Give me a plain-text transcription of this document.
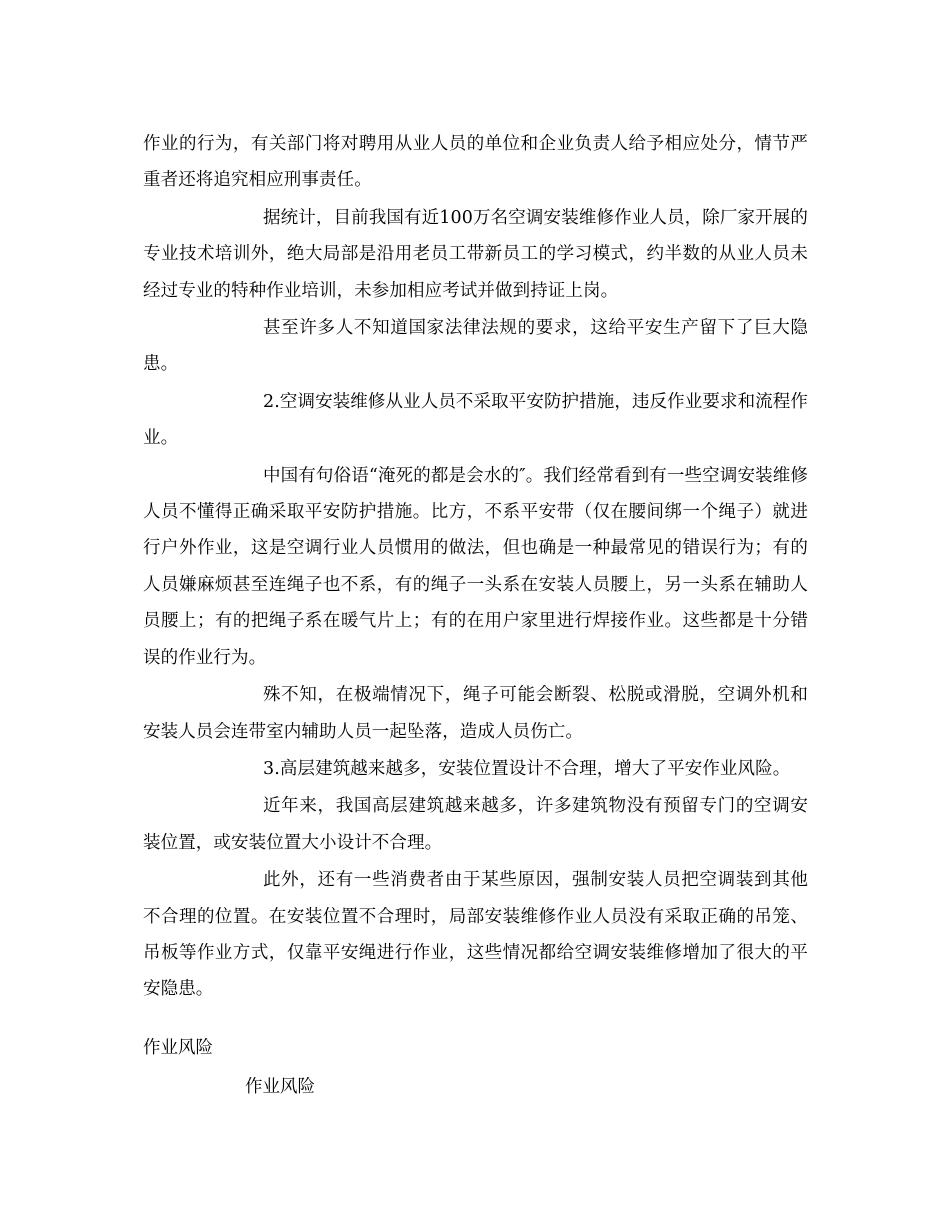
作业的行为，有关部门将对聘用从业人员的单位和企业负责人给予相应处分，情节严重者还将追究相应刑事责任。

据统计，目前我国有近100万名空调安装维修作业人员，除厂家开展的专业技术培训外，绝大局部是沿用老员工带新员工的学习模式，约半数的从业人员未经过专业的特种作业培训，未参加相应考试并做到持证上岗。

甚至许多人不知道国家法律法规的要求，这给平安生产留下了巨大隐患。

2.空调安装维修从业人员不采取平安防护措施，违反作业要求和流程作业。

中国有句俗语“淹死的都是会水的″。我们经常看到有一些空调安装维修人员不懂得正确采取平安防护措施。比方，不系平安带（仅在腰间绑一个绳子）就进行户外作业，这是空调行业人员惯用的做法，但也确是一种最常见的错误行为；有的人员嫌麻烦甚至连绳子也不系，有的绳子一头系在安装人员腰上，另一头系在辅助人员腰上；有的把绳子系在暖气片上；有的在用户家里进行焊接作业。这些都是十分错误的作业行为。

殊不知，在极端情况下，绳子可能会断裂、松脱或滑脱，空调外机和安装人员会连带室内辅助人员一起坠落，造成人员伤亡。

3.高层建筑越来越多，安装位置设计不合理，增大了平安作业风险。

近年来，我国高层建筑越来越多，许多建筑物没有预留专门的空调安装位置，或安装位置大小设计不合理。

此外，还有一些消费者由于某些原因，强制安装人员把空调装到其他不合理的位置。在安装位置不合理时，局部安装维修作业人员没有采取正确的吊笼、吊板等作业方式，仅靠平安绳进行作业，这些情况都给空调安装维修增加了很大的平安隐患。

作业风险
作业风险
